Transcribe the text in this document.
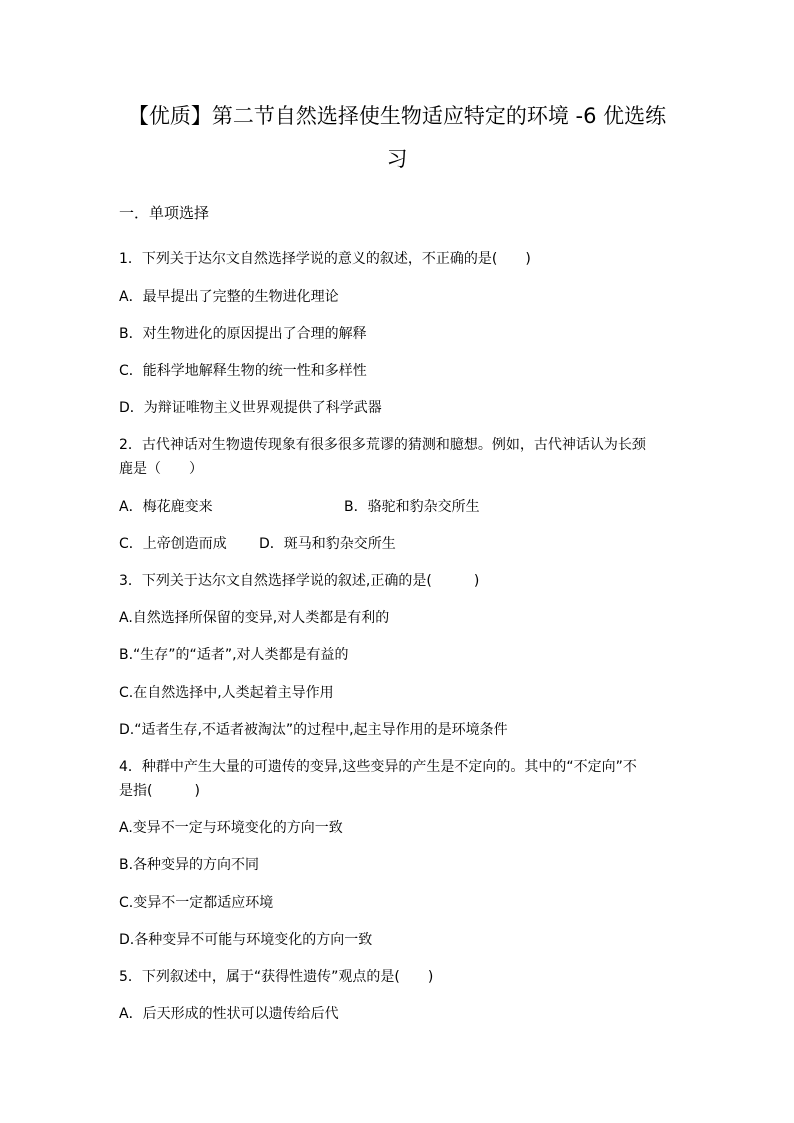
【优质】第二节自然选择使生物适应特定的环境 -6 优选练
习
一．单项选择
1．下列关于达尔文自然选择学说的意义的叙述，不正确的是(　　)
A．最早提出了完整的生物进化理论
B．对生物进化的原因提出了合理的解释
C．能科学地解释生物的统一性和多样性
D．为辩证唯物主义世界观提供了科学武器
2．古代神话对生物遗传现象有很多很多荒谬的猜测和臆想。例如，古代神话认为长颈
鹿是（　　）
A．梅花鹿变来	B．骆驼和豹杂交所生
C．上帝创造而成 D．斑马和豹杂交所生
3．下列关于达尔文自然选择学说的叙述,正确的是(　　　)
A.自然选择所保留的变异,对人类都是有利的
B.“生存”的“适者”,对人类都是有益的
C.在自然选择中,人类起着主导作用
D.“适者生存,不适者被淘汰”的过程中,起主导作用的是环境条件
4．种群中产生大量的可遗传的变异,这些变异的产生是不定向的。其中的“不定向”不
是指(　　　)
A.变异不一定与环境变化的方向一致
B.各种变异的方向不同
C.变异不一定都适应环境
D.各种变异不可能与环境变化的方向一致
5．下列叙述中，属于“获得性遗传”观点的是(　　)
A．后天形成的性状可以遗传给后代
